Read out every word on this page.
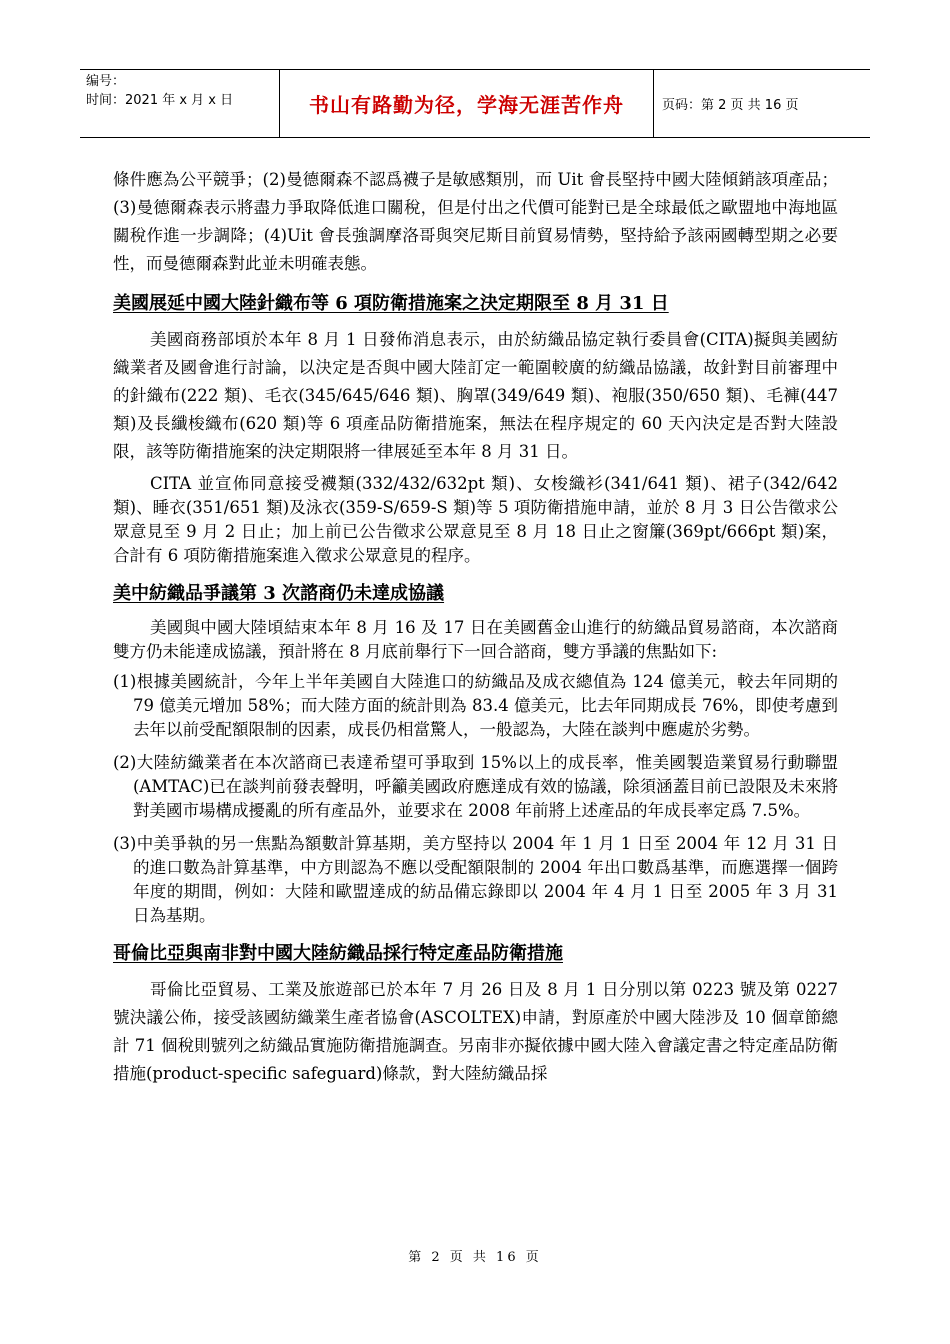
编号：
时间：2021 年 x 月 x 日	书山有路勤为径，学海无涯苦作舟	页码：第 2 页 共 16 页

條件應為公平競爭；(2)曼德爾森不認爲襪子是敏感類別，而 Uit 會長堅持中國大陸傾銷該項產品；(3)曼德爾森表示將盡力爭取降低進口關稅，但是付出之代價可能對已是全球最低之歐盟地中海地區關稅作進一步調降；(4)Uit 會長強調摩洛哥與突尼斯目前貿易情勢，堅持給予該兩國轉型期之必要性，而曼德爾森對此並未明確表態。

美國展延中國大陸針織布等 6 項防衛措施案之決定期限至 8 月 31 日

美國商務部頃於本年 8 月 1 日發佈消息表示，由於紡織品協定執行委員會(CITA)擬與美國紡織業者及國會進行討論，以決定是否與中國大陸訂定一範圍較廣的紡織品協議，故針對目前審理中的針織布(222 類)、毛衣(345/645/646 類)、胸罩(349/649 類)、袍服(350/650 類)、毛褲(447 類)及長纖梭織布(620 類)等 6 項產品防衛措施案，無法在程序規定的 60 天內決定是否對大陸設限，該等防衛措施案的決定期限將一律展延至本年 8 月 31 日。

CITA 並宣佈同意接受襪類(332/432/632pt 類)、女梭織衫(341/641 類)、裙子(342/642 類)、睡衣(351/651 類)及泳衣(359-S/659-S 類)等 5 項防衛措施申請，並於 8 月 3 日公告徵求公眾意見至 9 月 2 日止；加上前已公告徵求公眾意見至 8 月 18 日止之窗簾(369pt/666pt 類)案，合計有 6 項防衛措施案進入徵求公眾意見的程序。

美中紡織品爭議第 3 次諮商仍未達成協議

美國與中國大陸頃結束本年 8 月 16 及 17 日在美國舊金山進行的紡織品貿易諮商，本次諮商雙方仍未能達成協議，預計將在 8 月底前舉行下一回合諮商，雙方爭議的焦點如下:

(1)根據美國統計，今年上半年美國自大陸進口的紡織品及成衣總值為 124 億美元，較去年同期的 79 億美元增加 58%；而大陸方面的統計則為 83.4 億美元，比去年同期成長 76%，即使考慮到去年以前受配額限制的因素，成長仍相當驚人，一般認為，大陸在談判中應處於劣勢。

(2)大陸紡織業者在本次諮商已表達希望可爭取到 15%以上的成長率，惟美國製造業貿易行動聯盟(AMTAC)已在談判前發表聲明，呼籲美國政府應達成有效的協議，除須涵蓋目前已設限及未來將對美國市場構成擾亂的所有產品外，並要求在 2008 年前將上述產品的年成長率定爲 7.5%。

(3)中美爭執的另一焦點為額數計算基期，美方堅持以 2004 年 1 月 1 日至 2004 年 12 月 31 日的進口數為計算基準，中方則認為不應以受配額限制的 2004 年出口數爲基準，而應選擇一個跨年度的期間，例如：大陸和歐盟達成的紡品備忘錄即以 2004 年 4 月 1 日至 2005 年 3 月 31 日為基期。

哥倫比亞與南非對中國大陸紡織品採行特定產品防衛措施

哥倫比亞貿易、工業及旅遊部已於本年 7 月 26 日及 8 月 1 日分別以第 0223 號及第 0227 號決議公佈，接受該國紡織業生產者協會(ASCOLTEX)申請，對原產於中國大陸涉及 10 個章節總計 71 個稅則號列之紡織品實施防衛措施調查。另南非亦擬依據中國大陸入會議定書之特定產品防衛措施(product-specific safeguard)條款，對大陸紡織品採

第 2 页 共 16 页
